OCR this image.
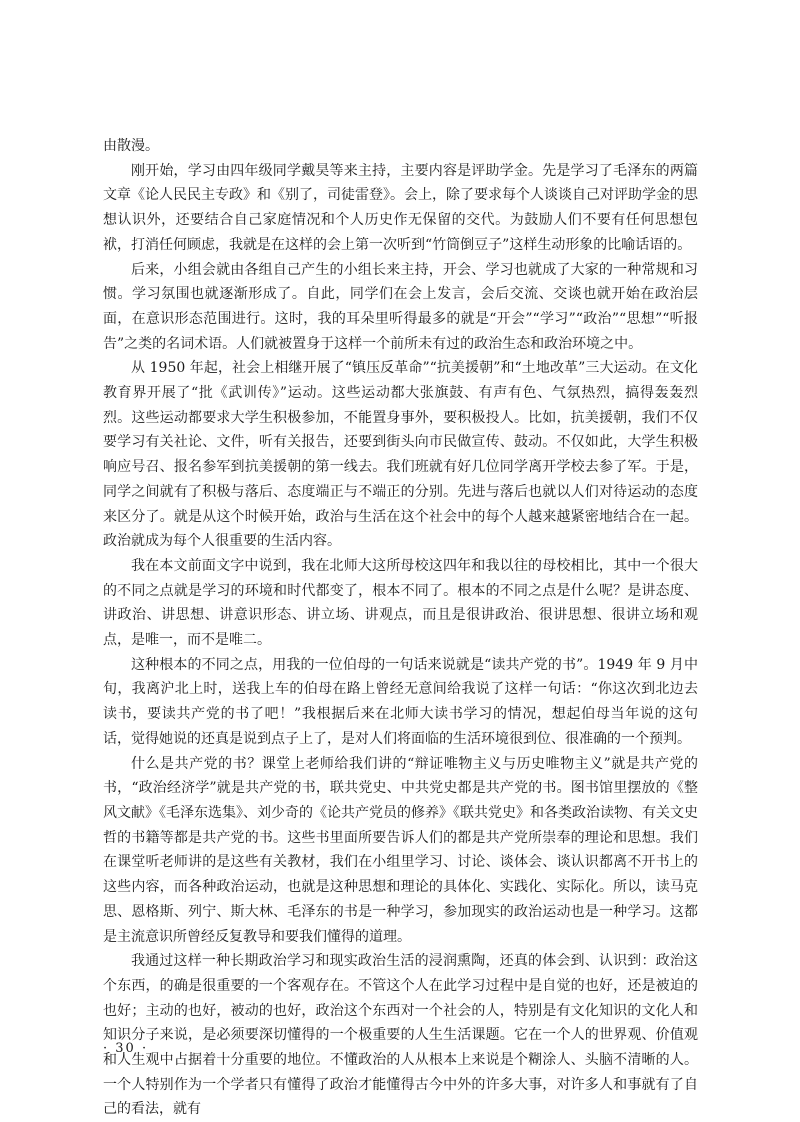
由散漫。

刚开始，学习由四年级同学戴昊等来主持，主要内容是评助学金。先是学习了毛泽东的两篇文章《论人民民主专政》和《别了，司徒雷登》。会上，除了要求每个人谈谈自己对评助学金的思想认识外，还要结合自己家庭情况和个人历史作无保留的交代。为鼓励人们不要有任何思想包袱，打消任何顾虑，我就是在这样的会上第一次听到“竹筒倒豆子”这样生动形象的比喻话语的。

后来，小组会就由各组自己产生的小组长来主持，开会、学习也就成了大家的一种常规和习惯。学习氛围也就逐渐形成了。自此，同学们在会上发言，会后交流、交谈也就开始在政治层面，在意识形态范围进行。这时，我的耳朵里听得最多的就是“开会”“学习”“政治”“思想”“听报告”之类的名词术语。人们就被置身于这样一个前所未有过的政治生态和政治环境之中。

从 1950 年起，社会上相继开展了“镇压反革命”“抗美援朝”和“土地改革”三大运动。在文化教育界开展了“批《武训传》”运动。这些运动都大张旗鼓、有声有色、气氛热烈，搞得轰轰烈烈。这些运动都要求大学生积极参加，不能置身事外，要积极投人。比如，抗美援朝，我们不仅要学习有关社论、文件，听有关报告，还要到街头向市民做宣传、鼓动。不仅如此，大学生积极响应号召、报名参军到抗美援朝的第一线去。我们班就有好几位同学离开学校去参了军。于是，同学之间就有了积极与落后、态度端正与不端正的分别。先进与落后也就以人们对待运动的态度来区分了。就是从这个时候开始，政治与生活在这个社会中的每个人越来越紧密地结合在一起。政治就成为每个人很重要的生活内容。

我在本文前面文字中说到，我在北师大这所母校这四年和我以往的母校相比，其中一个很大的不同之点就是学习的环境和时代都变了，根本不同了。根本的不同之点是什么呢？是讲态度、讲政治、讲思想、讲意识形态、讲立场、讲观点，而且是很讲政治、很讲思想、很讲立场和观点，是唯一，而不是唯二。

这种根本的不同之点，用我的一位伯母的一句话来说就是“读共产党的书”。1949 年 9 月中旬，我离沪北上时，送我上车的伯母在路上曾经无意间给我说了这样一句话：“你这次到北边去读书，要读共产党的书了吧！”我根据后来在北师大读书学习的情况，想起伯母当年说的这句话，觉得她说的还真是说到点子上了，是对人们将面临的生活环境很到位、很准确的一个预判。

什么是共产党的书？课堂上老师给我们讲的“辩证唯物主义与历史唯物主义”就是共产党的书，“政治经济学”就是共产党的书，联共党史、中共党史都是共产党的书。图书馆里摆放的《整风文献》《毛泽东选集》、刘少奇的《论共产党员的修养》《联共党史》和各类政治读物、有关文史哲的书籍等都是共产党的书。这些书里面所要告诉人们的都是共产党所崇奉的理论和思想。我们在课堂听老师讲的是这些有关教材，我们在小组里学习、讨论、谈体会、谈认识都离不开书上的这些内容，而各种政治运动，也就是这种思想和理论的具体化、实践化、实际化。所以，读马克思、恩格斯、列宁、斯大林、毛泽东的书是一种学习，参加现实的政治运动也是一种学习。这都是主流意识所曾经反复教导和要我们懂得的道理。

我通过这样一种长期政治学习和现实政治生活的浸润熏陶，还真的体会到、认识到：政治这个东西，的确是很重要的一个客观存在。不管这个人在此学习过程中是自觉的也好，还是被迫的也好；主动的也好，被动的也好，政治这个东西对一个社会的人，特别是有文化知识的文化人和知识分子来说，是必须要深切懂得的一个极重要的人生生活课题。它在一个人的世界观、价值观和人生观中占据着十分重要的地位。不懂政治的人从根本上来说是个糊涂人、头脑不清晰的人。一个人特别作为一个学者只有懂得了政治才能懂得古今中外的许多大事，对许多人和事就有了自己的看法，就有

· 30 ·
